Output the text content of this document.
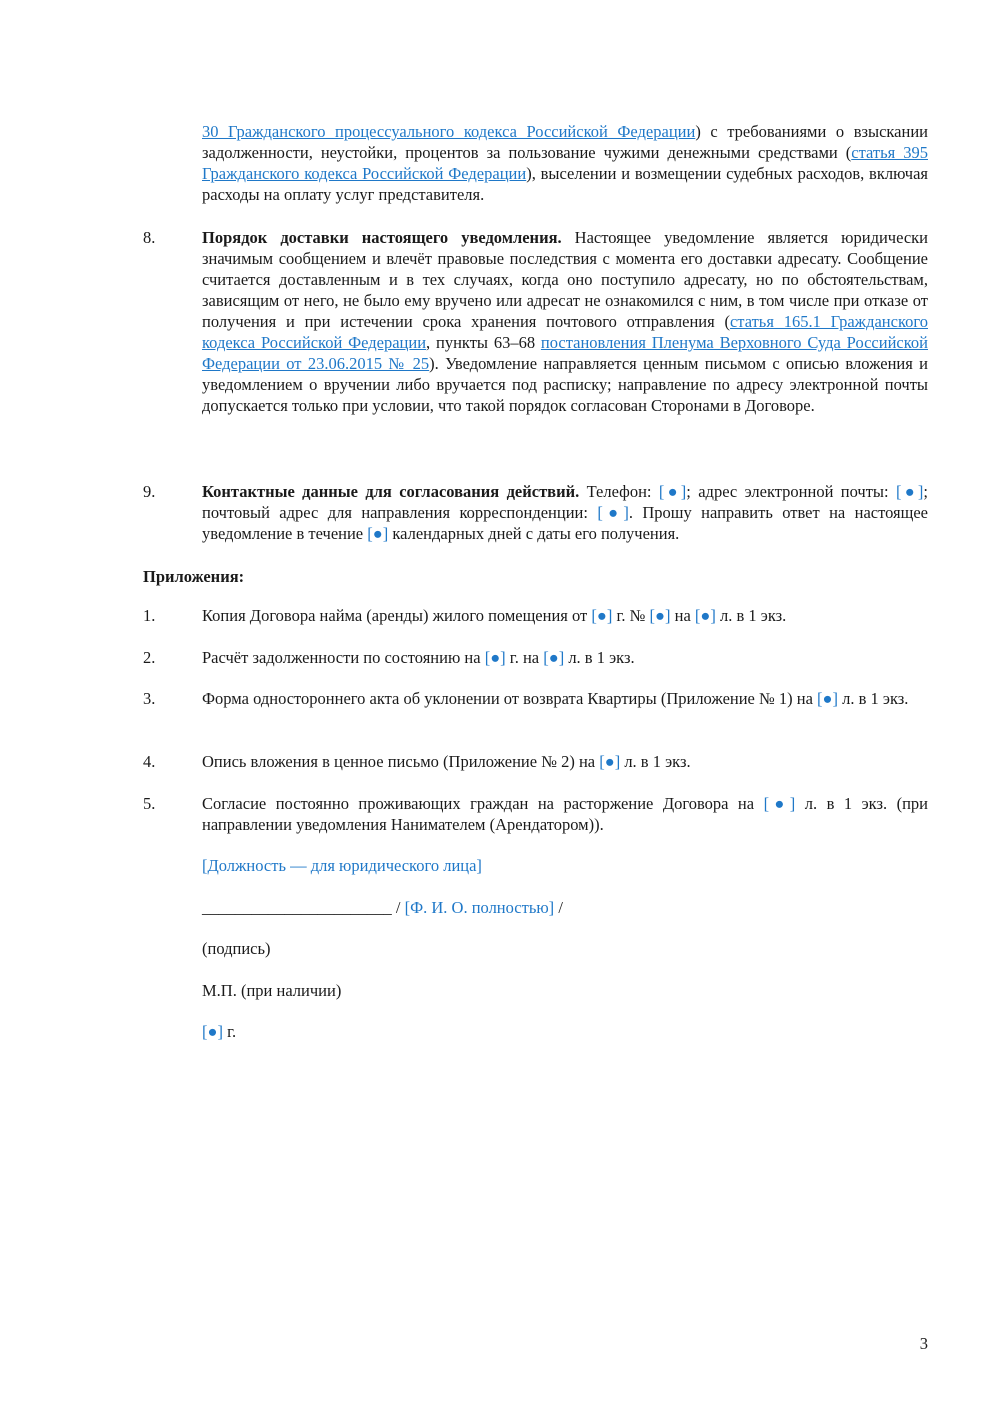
30 Гражданского процессуального кодекса Российской Федерации) с требованиями о взыскании задолженности, неустойки, процентов за пользование чужими денежными средствами (статья 395 Гражданского кодекса Российской Федерации), выселении и возмещении судебных расходов, включая расходы на оплату услуг представителя.
8.	Порядок доставки настоящего уведомления. Настоящее уведомление является юридически значимым сообщением и влечёт правовые последствия с момента его доставки адресату. Сообщение считается доставленным и в тех случаях, когда оно поступило адресату, но по обстоятельствам, зависящим от него, не было ему вручено или адресат не ознакомился с ним, в том числе при отказе от получения и при истечении срока хранения почтового отправления (статья 165.1 Гражданского кодекса Российской Федерации, пункты 63–68 постановления Пленума Верховного Суда Российской Федерации от 23.06.2015 № 25). Уведомление направляется ценным письмом с описью вложения и уведомлением о вручении либо вручается под расписку; направление по адресу электронной почты допускается только при условии, что такой порядок согласован Сторонами в Договоре.
9.	Контактные данные для согласования действий. Телефон: [●]; адрес электронной почты: [●]; почтовый адрес для направления корреспонденции: [●]. Прошу направить ответ на настоящее уведомление в течение [●] календарных дней с даты его получения.
Приложения:
1.	Копия Договора найма (аренды) жилого помещения от [●] г. № [●] на [●] л. в 1 экз.
2.	Расчёт задолженности по состоянию на [●] г. на [●] л. в 1 экз.
3.	Форма одностороннего акта об уклонении от возврата Квартиры (Приложение № 1) на [●] л. в 1 экз.
4.	Опись вложения в ценное письмо (Приложение № 2) на [●] л. в 1 экз.
5.	Согласие постоянно проживающих граждан на расторжение Договора на [●] л. в 1 экз. (при направлении уведомления Нанимателем (Арендатором)).
[Должность — для юридического лица]
_______________________ / [Ф. И. О. полностью] /
(подпись)
М.П. (при наличии)
[●] г.
3
